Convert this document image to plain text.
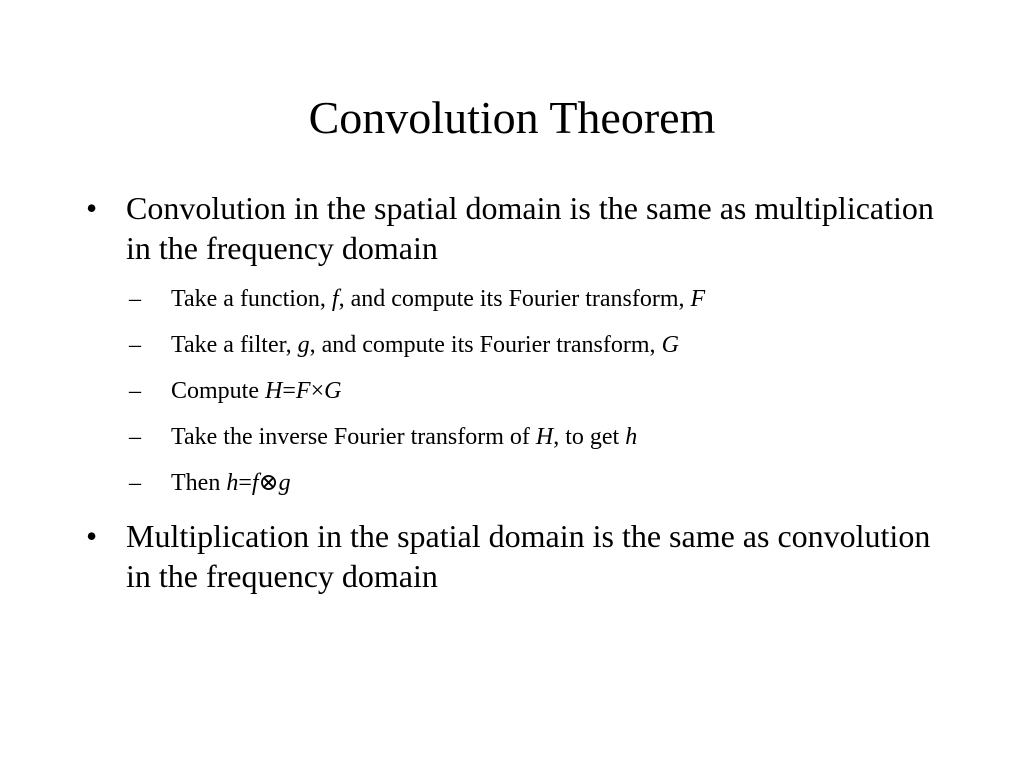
Convolution Theorem
• Convolution in the spatial domain is the same as multiplication in the frequency domain
– Take a function, f, and compute its Fourier transform, F
– Take a filter, g, and compute its Fourier transform, G
– Compute H=F×G
– Take the inverse Fourier transform of H, to get h
– Then h=f⊗g
• Multiplication in the spatial domain is the same as convolution in the frequency domain
